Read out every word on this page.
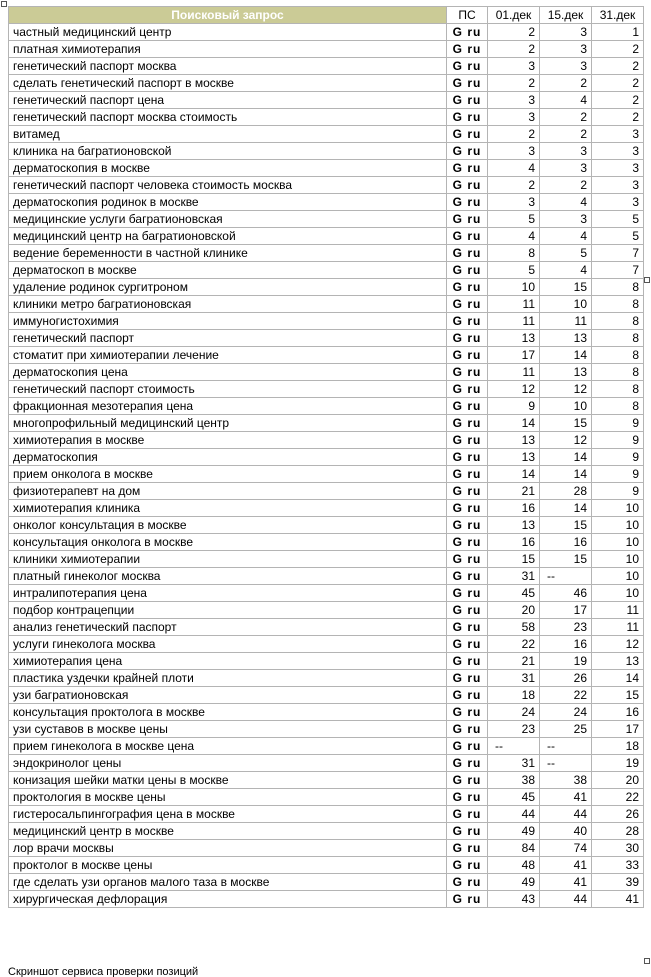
Поисковый запрос	ПС	01.дек	15.дек	31.дек
частный медицинский центр	G ru	2	3	1
платная химиотерапия	G ru	2	3	2
генетический паспорт москва	G ru	3	3	2
сделать генетический паспорт в москве	G ru	2	2	2
генетический паспорт цена	G ru	3	4	2
генетический паспорт москва стоимость	G ru	3	2	2
витамед	G ru	2	2	3
клиника на багратионовской	G ru	3	3	3
дерматоскопия в москве	G ru	4	3	3
генетический паспорт человека стоимость москва	G ru	2	2	3
дерматоскопия родинок в москве	G ru	3	4	3
медицинские услуги багратионовская	G ru	5	3	5
медицинский центр на багратионовской	G ru	4	4	5
ведение беременности в частной клинике	G ru	8	5	7
дерматоскоп в москве	G ru	5	4	7
удаление родинок сургитроном	G ru	10	15	8
клиники метро багратионовская	G ru	11	10	8
иммуногистохимия	G ru	11	11	8
генетический паспорт	G ru	13	13	8
стоматит при химиотерапии лечение	G ru	17	14	8
дерматоскопия цена	G ru	11	13	8
генетический паспорт стоимость	G ru	12	12	8
фракционная мезотерапия цена	G ru	9	10	8
многопрофильный медицинский центр	G ru	14	15	9
химиотерапия в москве	G ru	13	12	9
дерматоскопия	G ru	13	14	9
прием онколога в москве	G ru	14	14	9
физиотерапевт на дом	G ru	21	28	9
химиотерапия клиника	G ru	16	14	10
онколог консультация в москве	G ru	13	15	10
консультация онколога в москве	G ru	16	16	10
клиники химиотерапии	G ru	15	15	10
платный гинеколог москва	G ru	31	--	10
интралипотерапия цена	G ru	45	46	10
подбор контрацепции	G ru	20	17	11
анализ генетический паспорт	G ru	58	23	11
услуги гинеколога москва	G ru	22	16	12
химиотерапия цена	G ru	21	19	13
пластика уздечки крайней плоти	G ru	31	26	14
узи багратионовская	G ru	18	22	15
консультация проктолога в москве	G ru	24	24	16
узи суставов в москве цены	G ru	23	25	17
прием гинеколога в москве цена	G ru	--	--	18
эндокринолог цены	G ru	31	--	19
конизация шейки матки цены в москве	G ru	38	38	20
проктология в москве цены	G ru	45	41	22
гистеросальпингография цена в москве	G ru	44	44	26
медицинский центр в москве	G ru	49	40	28
лор врачи москвы	G ru	84	74	30
проктолог в москве цены	G ru	48	41	33
где сделать узи органов малого таза в москве	G ru	49	41	39
хирургическая дефлорация	G ru	43	44	41
Скриншот сервиса проверки позиций
